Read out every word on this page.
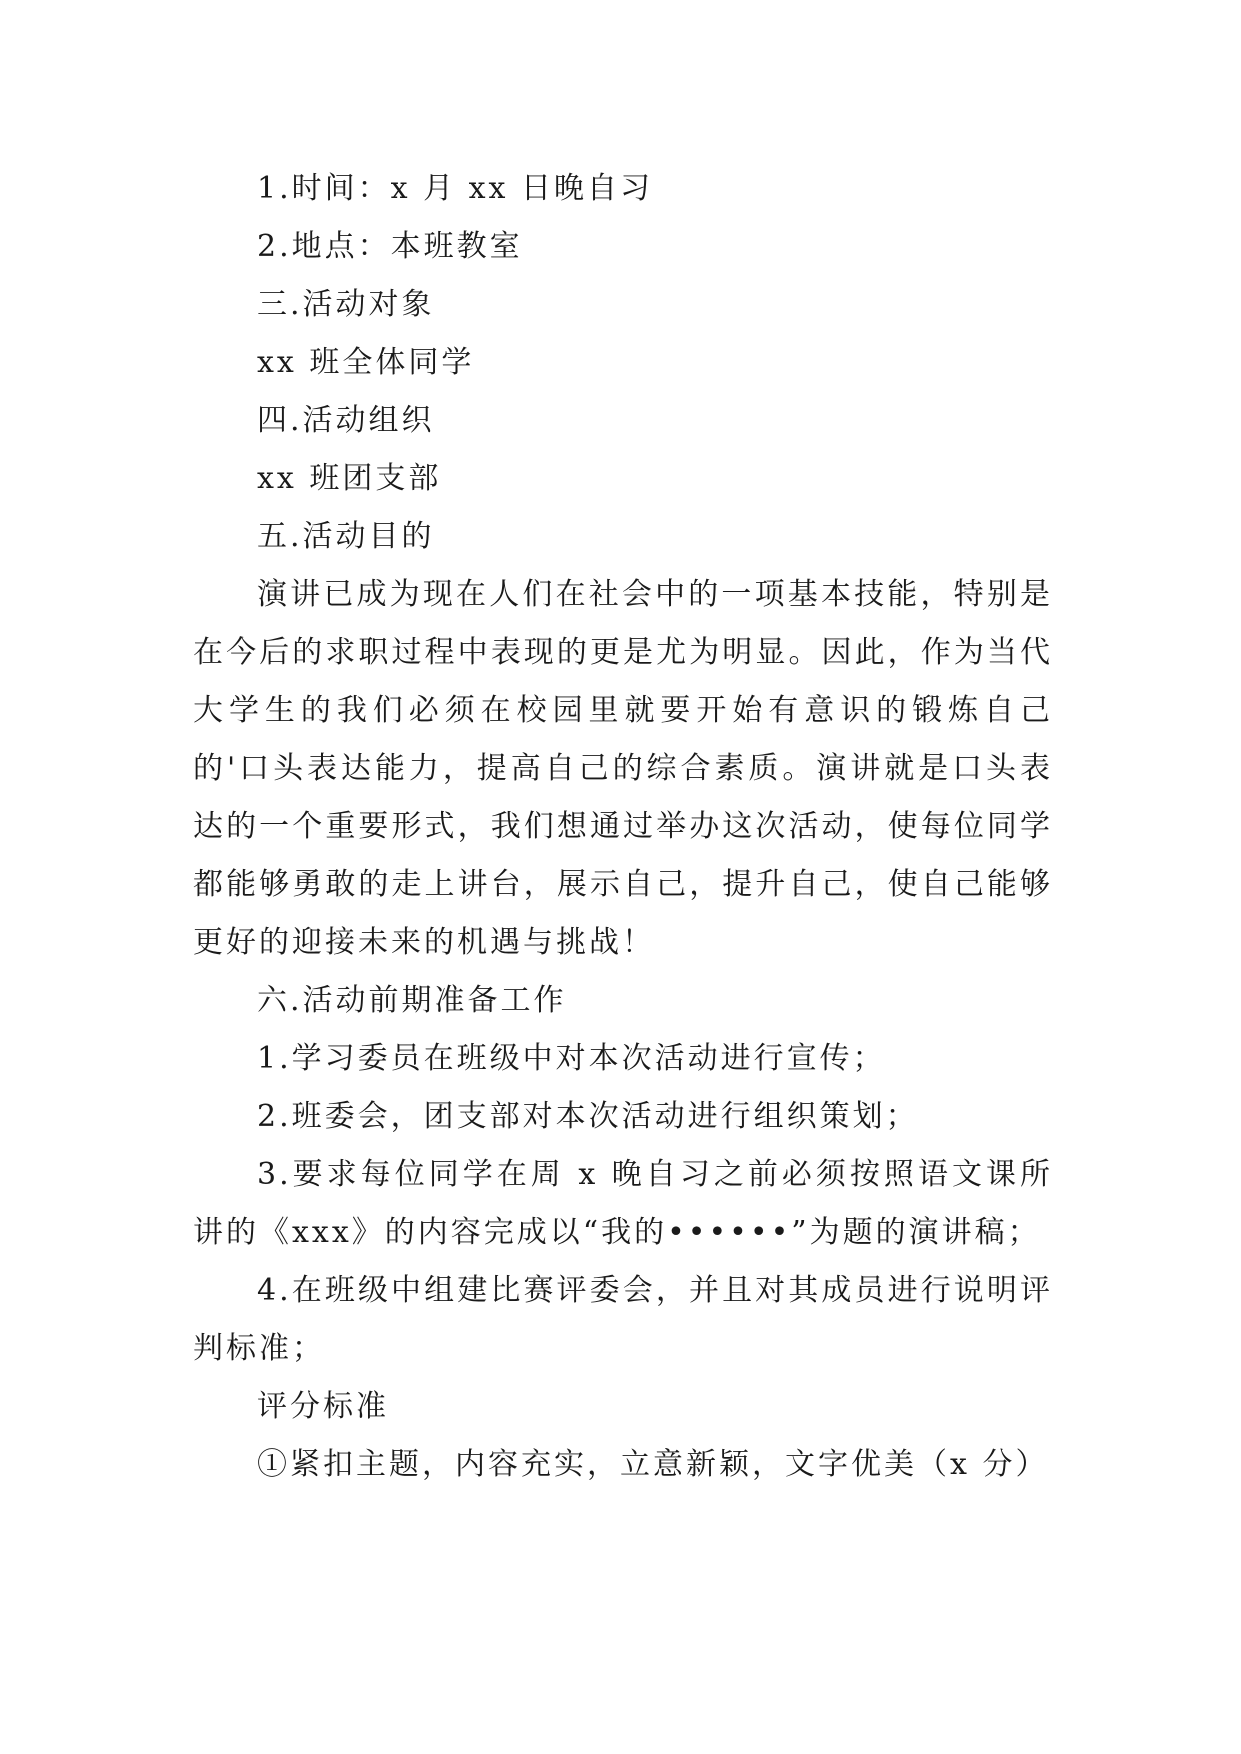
1.时间：x 月 xx 日晚自习

2.地点：本班教室

三.活动对象

xx 班全体同学

四.活动组织

xx 班团支部

五.活动目的

演讲已成为现在人们在社会中的一项基本技能，特别是在今后的求职过程中表现的更是尤为明显。因此，作为当代大学生的我们必须在校园里就要开始有意识的锻炼自己的'口头表达能力，提高自己的综合素质。演讲就是口头表达的一个重要形式，我们想通过举办这次活动，使每位同学都能够勇敢的走上讲台，展示自己，提升自己，使自己能够更好的迎接未来的机遇与挑战！

六.活动前期准备工作

1.学习委员在班级中对本次活动进行宣传；

2.班委会，团支部对本次活动进行组织策划；

3.要求每位同学在周 x 晚自习之前必须按照语文课所讲的《xxx》的内容完成以“我的••••••”为题的演讲稿；

4.在班级中组建比赛评委会，并且对其成员进行说明评判标准；

评分标准

①紧扣主题，内容充实，立意新颖，文字优美（x 分）
